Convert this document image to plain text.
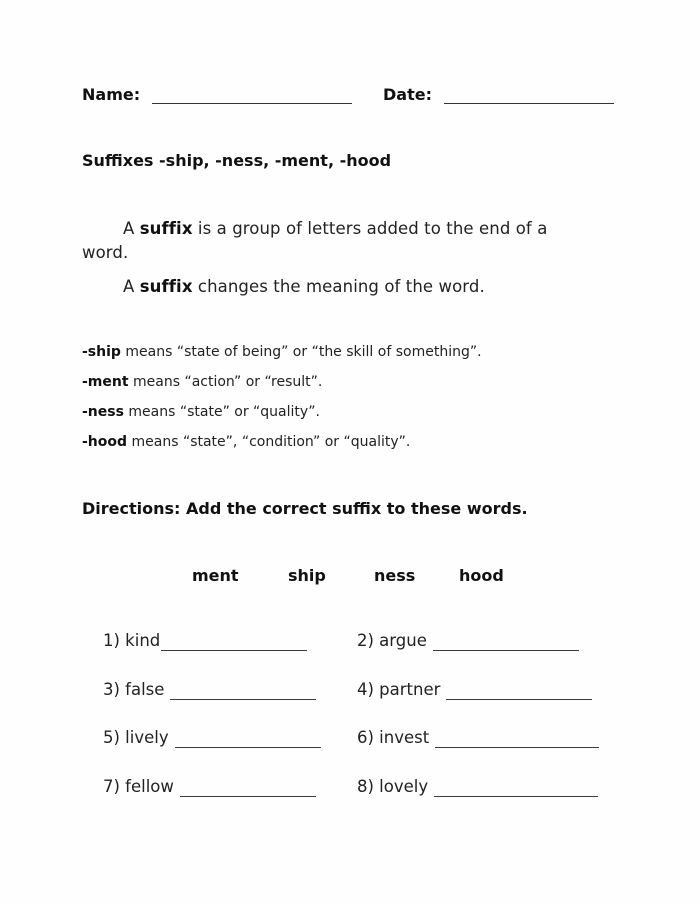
Name:	Date:
Suffixes -ship, -ness, -ment, -hood
A suffix is a group of letters added to the end of a
word.
A suffix changes the meaning of the word.
-ship means “state of being” or “the skill of something”.
-ment means “action” or “result”.
-ness means “state” or “quality”.
-hood means “state”, “condition” or “quality”.
Directions: Add the correct suffix to these words.
ment	ship	ness	hood
1) kind	2) argue
3) false	4) partner
5) lively	6) invest
7) fellow	8) lovely
